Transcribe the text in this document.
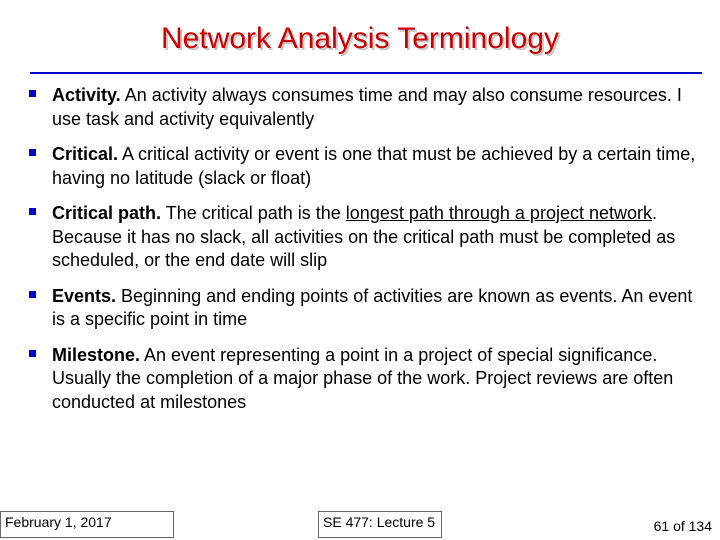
Network Analysis Terminology
Activity. An activity always consumes time and may also consume resources. I use task and activity equivalently
Critical. A critical activity or event is one that must be achieved by a certain time, having no latitude (slack or float)
Critical path. The critical path is the longest path through a project network. Because it has no slack, all activities on the critical path must be completed as scheduled, or the end date will slip
Events. Beginning and ending points of activities are known as events. An event is a specific point in time
Milestone. An event representing a point in a project of special significance. Usually the completion of a major phase of the work. Project reviews are often conducted at milestones
February 1, 2017	SE 477: Lecture 5	61 of 134
